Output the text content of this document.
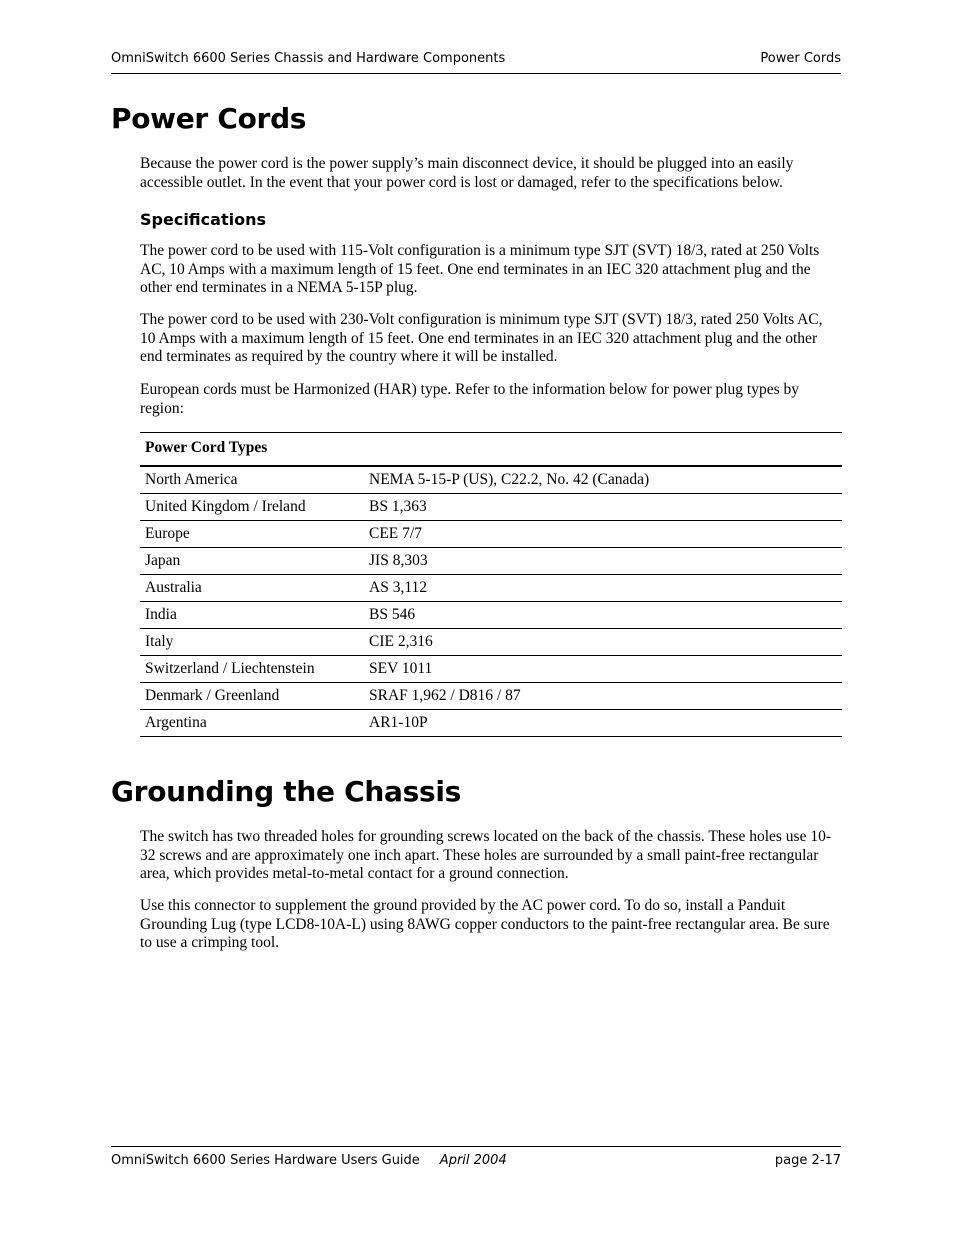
OmniSwitch 6600 Series Chassis and Hardware Components	Power Cords
Power Cords

Because the power cord is the power supply’s main disconnect device, it should be plugged into an easily accessible outlet. In the event that your power cord is lost or damaged, refer to the specifications below.

Specifications

The power cord to be used with 115-Volt configuration is a minimum type SJT (SVT) 18/3, rated at 250 Volts AC, 10 Amps with a maximum length of 15 feet. One end terminates in an IEC 320 attachment plug and the other end terminates in a NEMA 5-15P plug.

The power cord to be used with 230-Volt configuration is minimum type SJT (SVT) 18/3, rated 250 Volts AC, 10 Amps with a maximum length of 15 feet. One end terminates in an IEC 320 attachment plug and the other end terminates as required by the country where it will be installed.

European cords must be Harmonized (HAR) type. Refer to the information below for power plug types by region:

Power Cord Types	
North America	NEMA 5-15-P (US), C22.2, No. 42 (Canada)
United Kingdom / Ireland	BS 1,363
Europe	CEE 7/7
Japan	JIS 8,303
Australia	AS 3,112
India	BS 546
Italy	CIE 2,316
Switzerland / Liechtenstein	SEV 1011
Denmark / Greenland	SRAF 1,962 / D816 / 87
Argentina	AR1-10P
Grounding the Chassis

The switch has two threaded holes for grounding screws located on the back of the chassis. These holes use 10-32 screws and are approximately one inch apart. These holes are surrounded by a small paint-free rectangular area, which provides metal-to-metal contact for a ground connection.

Use this connector to supplement the ground provided by the AC power cord. To do so, install a Panduit Grounding Lug (type LCD8-10A-L) using 8AWG copper conductors to the paint-free rectangular area. Be sure to use a crimping tool.

OmniSwitch 6600 Series Hardware Users Guide April 2004	page 2-17
